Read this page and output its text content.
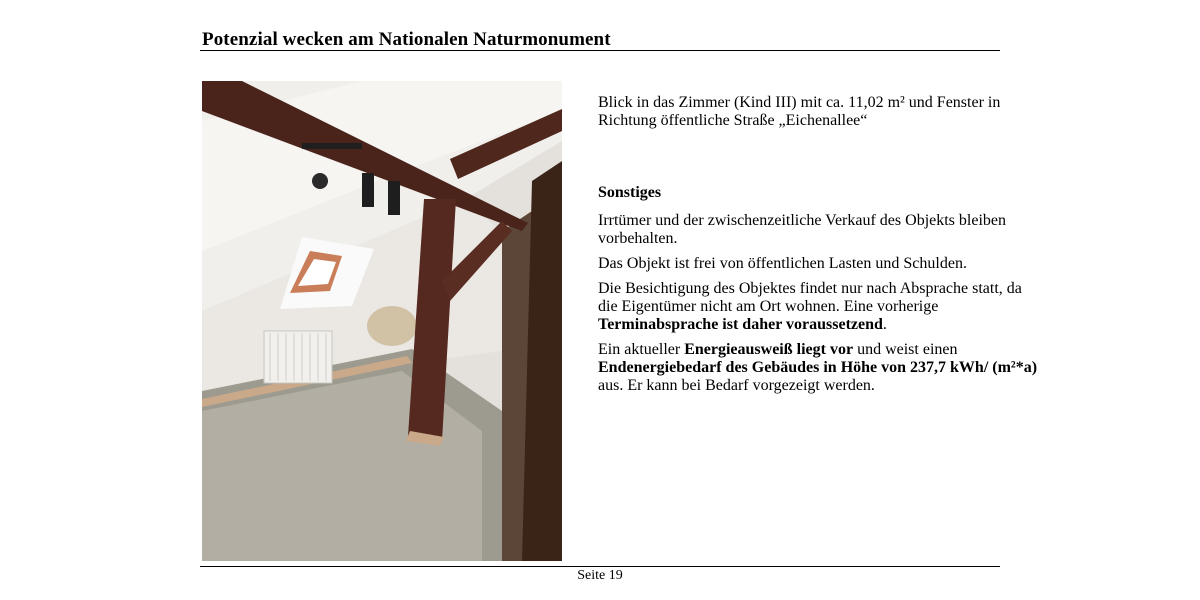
Potenzial wecken am Nationalen Naturmonument

Blick in das Zimmer (Kind III) mit ca. 11,02 m² und Fenster in
Richtung öffentliche Straße „Eichenallee“

Sonstiges

Irrtümer und der zwischenzeitliche Verkauf des Objekts bleiben vorbehalten.

Das Objekt ist frei von öffentlichen Lasten und Schulden.

Die Besichtigung des Objektes findet nur nach Absprache statt, da die Eigentümer nicht am Ort wohnen. Eine vorherige Terminabsprache ist daher voraussetzend.

Ein aktueller Energieausweiß liegt vor und weist einen Endenergiebedarf des Gebäudes in Höhe von 237,7 kWh/ (m²*a) aus. Er kann bei Bedarf vorgezeigt werden.

Seite 19
